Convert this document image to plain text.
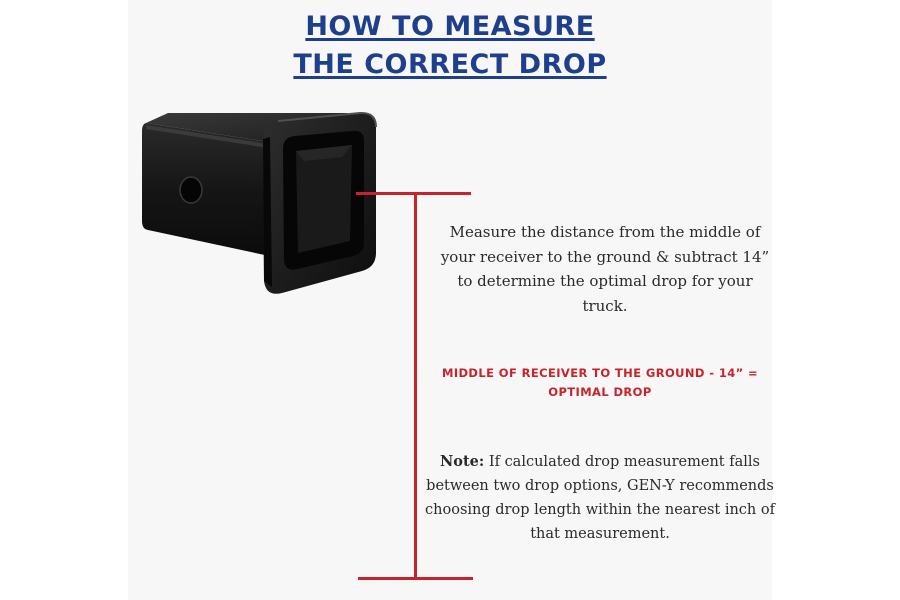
HOW TO MEASURE
THE CORRECT DROP
Measure the distance from the middle of your receiver to the ground & subtract 14” to determine the optimal drop for your truck.
MIDDLE OF RECEIVER TO THE GROUND - 14” =
OPTIMAL DROP
Note: If calculated drop measurement falls between two drop options, GEN-Y recommends choosing drop length within the nearest inch of that measurement.
